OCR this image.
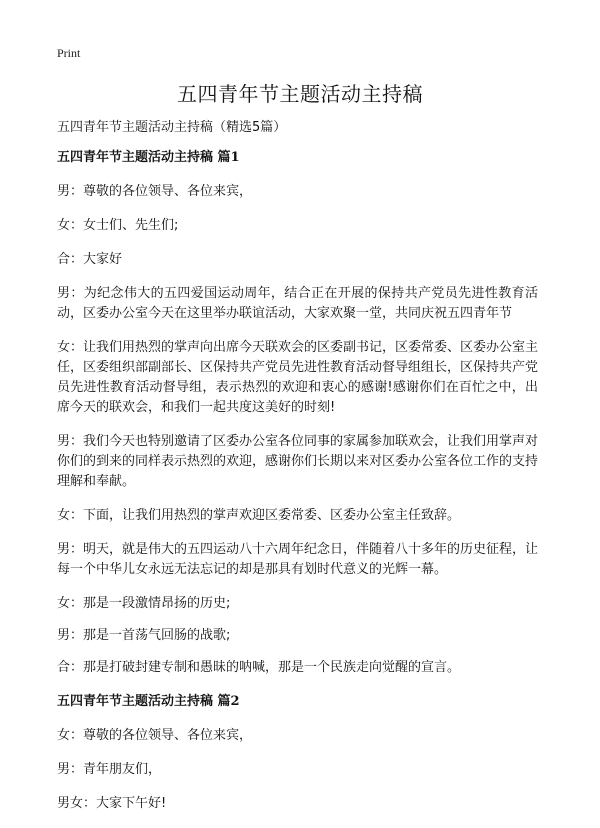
Print
五四青年节主题活动主持稿

五四青年节主题活动主持稿（精选5篇）

五四青年节主题活动主持稿 篇1

男：尊敬的各位领导、各位来宾，

女：女士们、先生们;

合：大家好

男：为纪念伟大的五四爱国运动周年，结合正在开展的保持共产党员先进性教育活动，区委办公室今天在这里举办联谊活动，大家欢聚一堂，共同庆祝五四青年节

女：让我们用热烈的掌声向出席今天联欢会的区委副书记，区委常委、区委办公室主任，区委组织部副部长、区保持共产党员先进性教育活动督导组组长，区保持共产党员先进性教育活动督导组，表示热烈的欢迎和衷心的感谢!感谢你们在百忙之中，出席今天的联欢会，和我们一起共度这美好的时刻!

男：我们今天也特别邀请了区委办公室各位同事的家属参加联欢会，让我们用掌声对你们的到来的同样表示热烈的欢迎，感谢你们长期以来对区委办公室各位工作的支持理解和奉献。

女：下面，让我们用热烈的掌声欢迎区委常委、区委办公室主任致辞。

男：明天，就是伟大的五四运动八十六周年纪念日，伴随着八十多年的历史征程，让每一个中华儿女永远无法忘记的却是那具有划时代意义的光辉一幕。

女：那是一段激情昂扬的历史;

男：那是一首荡气回肠的战歌;

合：那是打破封建专制和愚昧的呐喊，那是一个民族走向觉醒的宣言。

五四青年节主题活动主持稿 篇2

女：尊敬的各位领导、各位来宾，

男：青年朋友们，

男女：大家下午好!
